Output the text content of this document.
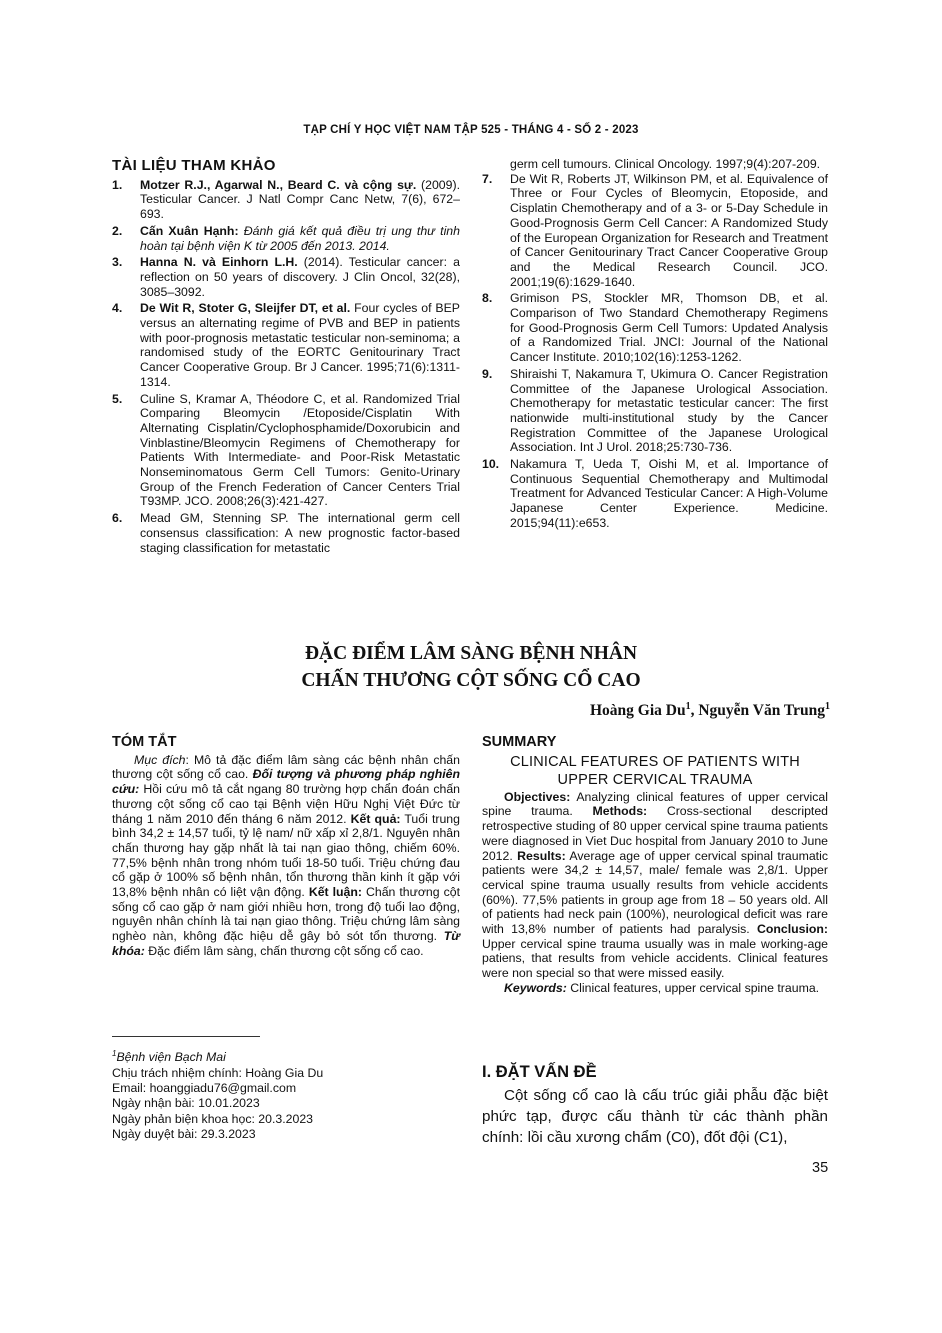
TẠP CHÍ Y HỌC VIỆT NAM TẬP 525 - THÁNG 4 - SỐ 2 - 2023
TÀI LIỆU THAM KHẢO
1. Motzer R.J., Agarwal N., Beard C. và cộng sự. (2009). Testicular Cancer. J Natl Compr Canc Netw, 7(6), 672–693.
2. Cấn Xuân Hạnh: Đánh giá kết quả điều trị ung thư tinh hoàn tại bệnh viện K từ 2005 đến 2013. 2014.
3. Hanna N. và Einhorn L.H. (2014). Testicular cancer: a reflection on 50 years of discovery. J Clin Oncol, 32(28), 3085–3092.
4. De Wit R, Stoter G, Sleijfer DT, et al. Four cycles of BEP versus an alternating regime of PVB and BEP in patients with poor-prognosis metastatic testicular non-seminoma; a randomised study of the EORTC Genitourinary Tract Cancer Cooperative Group. Br J Cancer. 1995;71(6):1311-1314.
5. Culine S, Kramar A, Théodore C, et al. Randomized Trial Comparing Bleomycin /Etoposide/Cisplatin With Alternating Cisplatin/Cyclophosphamide/Doxorubicin and Vinblastine/Bleomycin Regimens of Chemotherapy for Patients With Intermediate- and Poor-Risk Metastatic Nonseminomatous Germ Cell Tumors: Genito-Urinary Group of the French Federation of Cancer Centers Trial T93MP. JCO. 2008;26(3):421-427.
6. Mead GM, Stenning SP. The international germ cell consensus classification: A new prognostic factor-based staging classification for metastatic
germ cell tumours. Clinical Oncology. 1997;9(4):207-209.
7. De Wit R, Roberts JT, Wilkinson PM, et al. Equivalence of Three or Four Cycles of Bleomycin, Etoposide, and Cisplatin Chemotherapy and of a 3- or 5-Day Schedule in Good-Prognosis Germ Cell Cancer: A Randomized Study of the European Organization for Research and Treatment of Cancer Genitourinary Tract Cancer Cooperative Group and the Medical Research Council. JCO. 2001;19(6):1629-1640.
8. Grimison PS, Stockler MR, Thomson DB, et al. Comparison of Two Standard Chemotherapy Regimens for Good-Prognosis Germ Cell Tumors: Updated Analysis of a Randomized Trial. JNCI: Journal of the National Cancer Institute. 2010;102(16):1253-1262.
9. Shiraishi T, Nakamura T, Ukimura O. Cancer Registration Committee of the Japanese Urological Association. Chemotherapy for metastatic testicular cancer: The first nationwide multi-institutional study by the Cancer Registration Committee of the Japanese Urological Association. Int J Urol. 2018;25:730-736.
10. Nakamura T, Ueda T, Oishi M, et al. Importance of Continuous Sequential Chemotherapy and Multimodal Treatment for Advanced Testicular Cancer: A High-Volume Japanese Center Experience. Medicine. 2015;94(11):e653.
ĐẶC ĐIỂM LÂM SÀNG BỆNH NHÂN
CHẤN THƯƠNG CỘT SỐNG CỔ CAO
Hoàng Gia Du$^1$, Nguyễn Văn Trung$^1$
TÓM TẮT

Mục đích: Mô tả đặc điểm lâm sàng các bệnh nhân chấn thương cột sống cổ cao. Đối tượng và phương pháp nghiên cứu: Hồi cứu mô tả cắt ngang 80 trường hợp chẩn đoán chấn thương cột sống cổ cao tại Bệnh viện Hữu Nghị Việt Đức từ tháng 1 năm 2010 đến tháng 6 năm 2012. Kết quả: Tuổi trung bình 34,2 ± 14,57 tuổi, tỷ lệ nam/ nữ xấp xỉ 2,8/1. Nguyên nhân chấn thương hay gặp nhất là tai nạn giao thông, chiếm 60%. 77,5% bệnh nhân trong nhóm tuổi 18-50 tuổi. Triệu chứng đau cổ gặp ở 100% số bệnh nhân, tổn thương thần kinh ít gặp với 13,8% bệnh nhân có liệt vận động. Kết luận: Chấn thương cột sống cổ cao gặp ở nam giới nhiều hơn, trong độ tuổi lao động, nguyên nhân chính là tai nạn giao thông. Triệu chứng lâm sàng nghèo nàn, không đặc hiệu dễ gây bỏ sót tổn thương. Từ khóa: Đặc điểm lâm sàng, chấn thương cột sống cổ cao.

SUMMARY
CLINICAL FEATURES OF PATIENTS WITH
UPPER CERVICAL TRAUMA

Objectives: Analyzing clinical features of upper cervical spine trauma. Methods: Cross-sectional descripted retrospective studing of 80 upper cervical spine trauma patients were diagnosed in Viet Duc hospital from January 2010 to June 2012. Results: Average age of upper cervical spinal traumatic patients were 34,2 ± 14,57, male/ female was 2,8/1. Upper cervical spine trauma usually results from vehicle accidents (60%). 77,5% patients in group age from 18 – 50 years old. All of patients had neck pain (100%), neurological deficit was rare with 13,8% number of patients had paralysis. Conclusion: Upper cervical spine trauma usually was in male working-age patiens, that results from vehicle accidents. Clinical features were non special so that were missed easily.

Keywords: Clinical features, upper cervical spine trauma.

$^1$Bệnh viện Bạch Mai
Chịu trách nhiệm chính: Hoàng Gia Du
Email: hoanggiadu76@gmail.com
Ngày nhận bài: 10.01.2023
Ngày phản biện khoa học: 20.3.2023
Ngày duyệt bài: 29.3.2023
I. ĐẶT VẤN ĐỀ

Cột sống cổ cao là cấu trúc giải phẫu đặc biệt phức tạp, được cấu thành từ các thành phần chính: lồi cầu xương chẩm (C0), đốt đội (C1),

35
